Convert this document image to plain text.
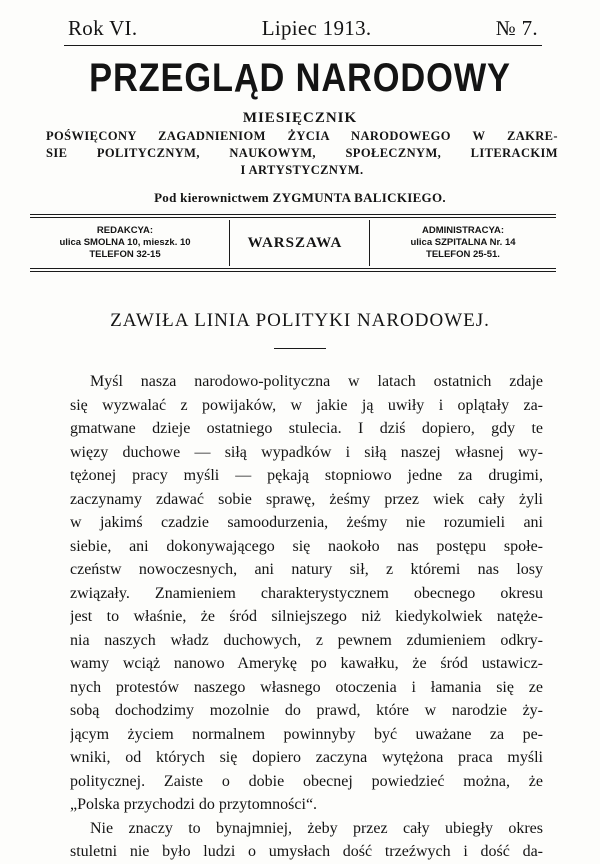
Rok VI.	Lipiec 1913.	№ 7.
PRZEGLĄD NARODOWY
MIESIĘCZNIK
POŚWIĘCONY ZAGADNIENIOM ŻYCIA NARODOWEGO W ZAKRE-
SIE POLITYCZNYM, NAUKOWYM, SPOŁECZNYM, LITERACKIM
I ARTYSTYCZNYM.
Pod kierownictwem ZYGMUNTA BALICKIEGO.
REDAKCYA:
ulica SMOLNA 10, mieszk. 10
TELEFON 32-15
WARSZAWA
ADMINISTRACYA:
ulica SZPITALNA Nr. 14
TELEFON 25-51.
ZAWIŁA LINIA POLITYKI NARODOWEJ.
Myśl nasza narodowo-polityczna w latach ostatnich zdaje
się wyzwalać z powijaków, w jakie ją uwiły i oplątały za-
gmatwane dzieje ostatniego stulecia. I dziś dopiero, gdy te
więzy duchowe — siłą wypadków i siłą naszej własnej wy-
tężonej pracy myśli — pękają stopniowo jedne za drugimi,
zaczynamy zdawać sobie sprawę, żeśmy przez wiek cały żyli
w jakimś czadzie samoodurzenia, żeśmy nie rozumieli ani
siebie, ani dokonywającego się naokoło nas postępu społe-
czeństw nowoczesnych, ani natury sił, z któremi nas losy
związały. Znamieniem charakterystycznem obecnego okresu
jest to właśnie, że śród silniejszego niż kiedykolwiek natęże-
nia naszych władz duchowych, z pewnem zdumieniem odkry-
wamy wciąż nanowo Amerykę po kawałku, że śród ustawicz-
nych protestów naszego własnego otoczenia i łamania się ze
sobą dochodzimy mozolnie do prawd, które w narodzie ży-
jącym życiem normalnem powinnyby być uważane za pe-
wniki, od których się dopiero zaczyna wytężona praca myśli
politycznej. Zaiste o dobie obecnej powiedzieć można, że
„Polska przychodzi do przytomności“.
Nie znaczy to bynajmniej, żeby przez cały ubiegły okres
stuletni nie było ludzi o umysłach dość trzeźwych i dość da-
